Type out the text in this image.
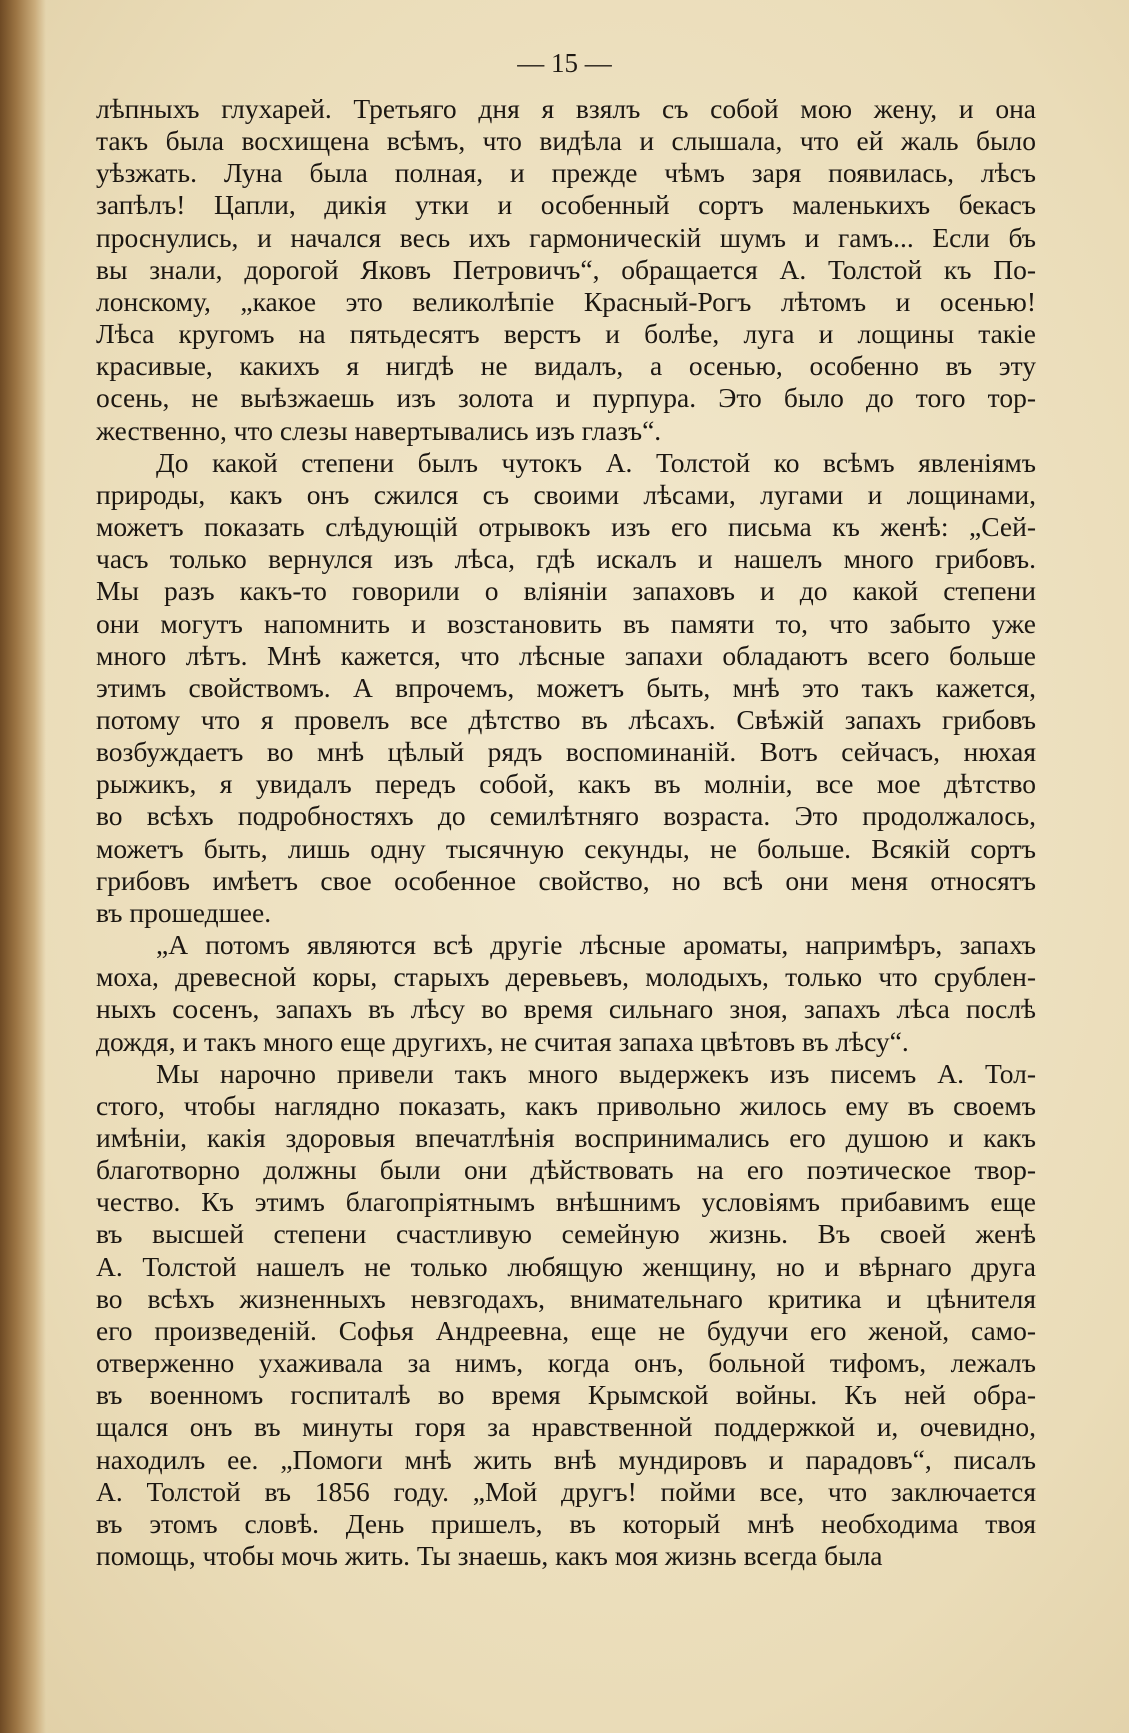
— 15 —
лѣпныхъ глухарей. Третьяго дня я взялъ съ собой мою жену, и она
такъ была восхищена всѣмъ, что видѣла и слышала, что ей жаль было
уѣзжать. Луна была полная, и прежде чѣмъ заря появилась, лѣсъ
запѣлъ! Цапли, дикія утки и особенный сортъ маленькихъ бекасъ
проснулись, и начался весь ихъ гармоническій шумъ и гамъ... Если бъ
вы знали, дорогой Яковъ Петровичъ“, обращается А. Толстой къ По-
лонскому, „какое это великолѣпіе Красный-Рогъ лѣтомъ и осенью!
Лѣса кругомъ на пятьдесятъ верстъ и болѣе, луга и лощины такіе
красивые, какихъ я нигдѣ не видалъ, а осенью, особенно въ эту
осень, не выѣзжаешь изъ золота и пурпура. Это было до того тор-
жественно, что слезы навертывались изъ глазъ“.
До какой степени былъ чутокъ А. Толстой ко всѣмъ явленіямъ
природы, какъ онъ сжился съ своими лѣсами, лугами и лощинами,
можетъ показать слѣдующій отрывокъ изъ его письма къ женѣ: „Сей-
часъ только вернулся изъ лѣса, гдѣ искалъ и нашелъ много грибовъ.
Мы разъ какъ-то говорили о вліяніи запаховъ и до какой степени
они могутъ напомнить и возстановить въ памяти то, что забыто уже
много лѣтъ. Мнѣ кажется, что лѣсные запахи обладаютъ всего больше
этимъ свойствомъ. А впрочемъ, можетъ быть, мнѣ это такъ кажется,
потому что я провелъ все дѣтство въ лѣсахъ. Свѣжій запахъ грибовъ
возбуждаетъ во мнѣ цѣлый рядъ воспоминаній. Вотъ сейчасъ, нюхая
рыжикъ, я увидалъ передъ собой, какъ въ молніи, все мое дѣтство
во всѣхъ подробностяхъ до семилѣтняго возраста. Это продолжалось,
можетъ быть, лишь одну тысячную секунды, не больше. Всякій сортъ
грибовъ имѣетъ свое особенное свойство, но всѣ они меня относятъ
въ прошедшее.
„А потомъ являются всѣ другіе лѣсные ароматы, напримѣръ, запахъ
моха, древесной коры, старыхъ деревьевъ, молодыхъ, только что срублен-
ныхъ сосенъ, запахъ въ лѣсу во время сильнаго зноя, запахъ лѣса послѣ
дождя, и такъ много еще другихъ, не считая запаха цвѣтовъ въ лѣсу“.
Мы нарочно привели такъ много выдержекъ изъ писемъ А. Тол-
стого, чтобы наглядно показать, какъ привольно жилось ему въ своемъ
имѣніи, какія здоровыя впечатлѣнія воспринимались его душою и какъ
благотворно должны были они дѣйствовать на его поэтическое твор-
чество. Къ этимъ благопріятнымъ внѣшнимъ условіямъ прибавимъ еще
въ высшей степени счастливую семейную жизнь. Въ своей женѣ
А. Толстой нашелъ не только любящую женщину, но и вѣрнаго друга
во всѣхъ жизненныхъ невзгодахъ, внимательнаго критика и цѣнителя
его произведеній. Софья Андреевна, еще не будучи его женой, само-
отверженно ухаживала за нимъ, когда онъ, больной тифомъ, лежалъ
въ военномъ госпиталѣ во время Крымской войны. Къ ней обра-
щался онъ въ минуты горя за нравственной поддержкой и, очевидно,
находилъ ее. „Помоги мнѣ жить внѣ мундировъ и парадовъ“, писалъ
А. Толстой въ 1856 году. „Мой другъ! пойми все, что заключается
въ этомъ словѣ. День пришелъ, въ который мнѣ необходима твоя
помощь, чтобы мочь жить. Ты знаешь, какъ моя жизнь всегда была
